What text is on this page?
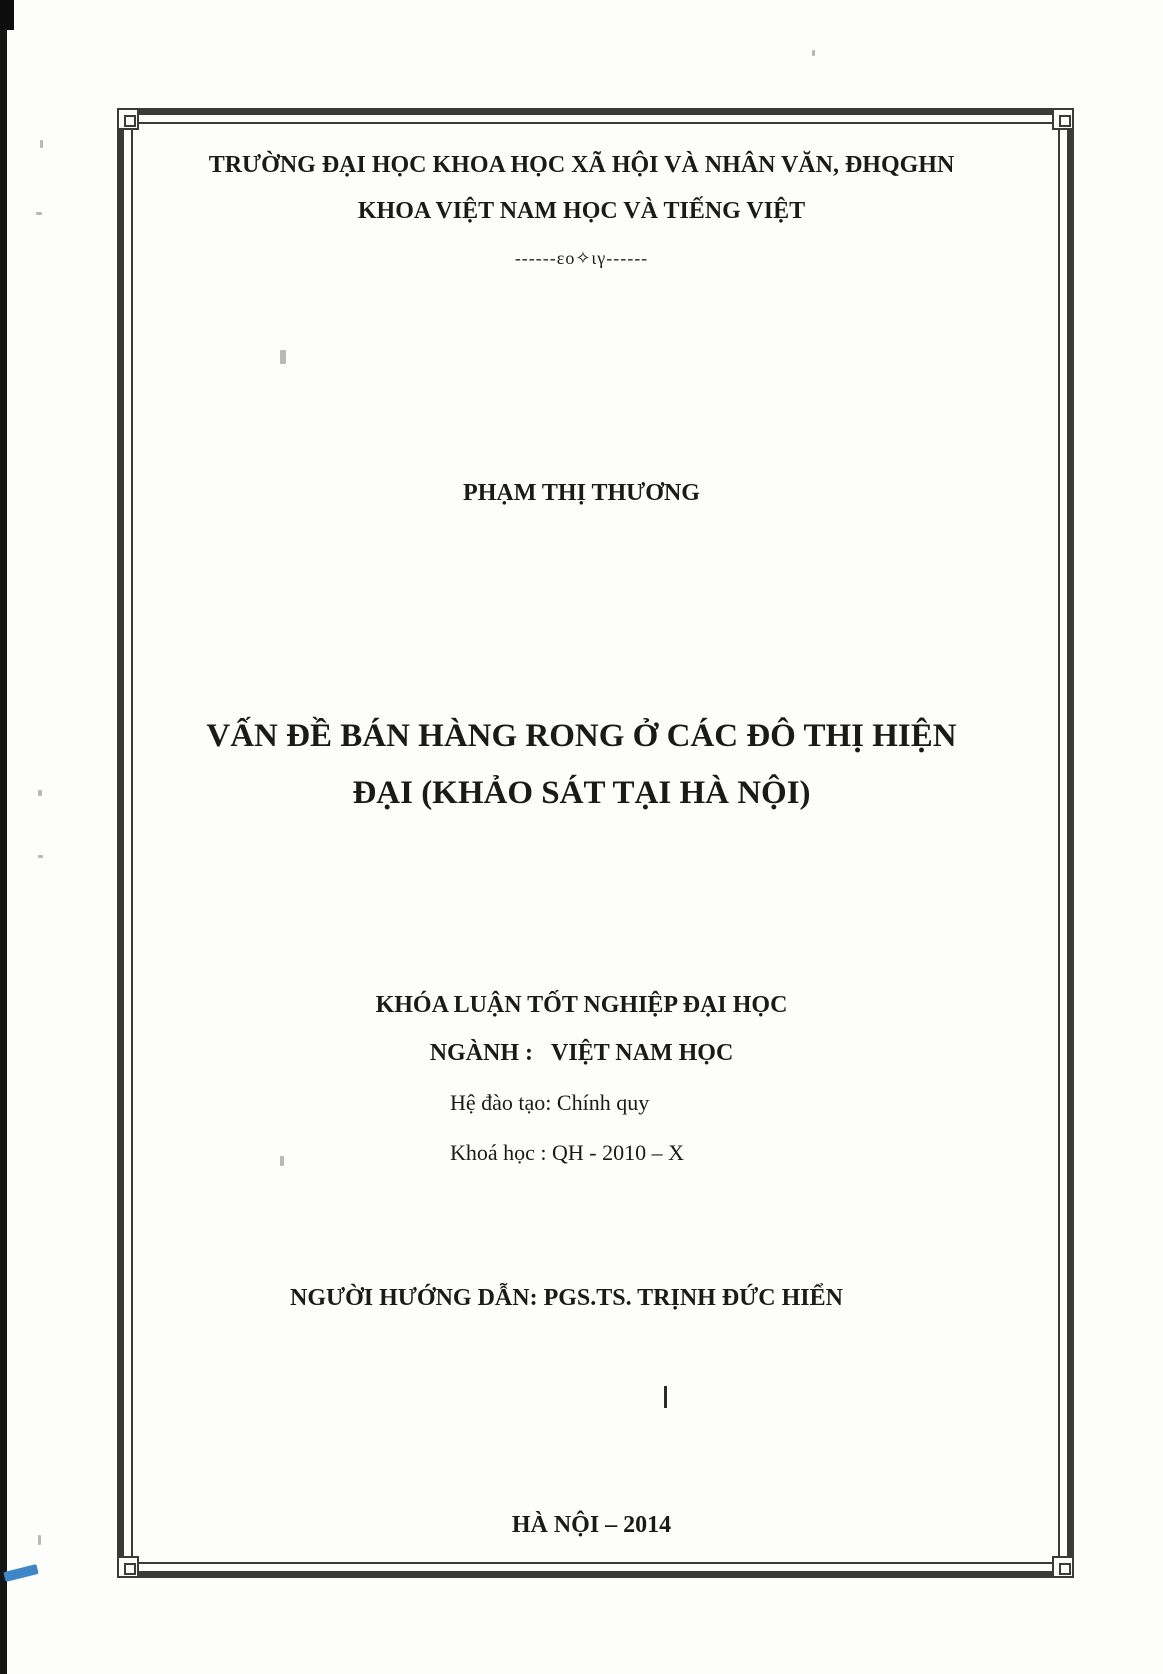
TRƯỜNG ĐẠI HỌC KHOA HỌC XÃ HỘI VÀ NHÂN VĂN, ĐHQGHN
KHOA VIỆT NAM HỌC VÀ TIẾNG VIỆT
------εο✧ιγ------
PHẠM THỊ THƯƠNG
VẤN ĐỀ BÁN HÀNG RONG Ở CÁC ĐÔ THỊ HIỆN
ĐẠI (KHẢO SÁT TẠI HÀ NỘI)
KHÓA LUẬN TỐT NGHIỆP ĐẠI HỌC
NGÀNH : VIỆT NAM HỌC
Hệ đào tạo: Chính quy
Khoá học : QH - 2010 – X
NGƯỜI HƯỚNG DẪN: PGS.TS. TRỊNH ĐỨC HIỂN
HÀ NỘI – 2014
